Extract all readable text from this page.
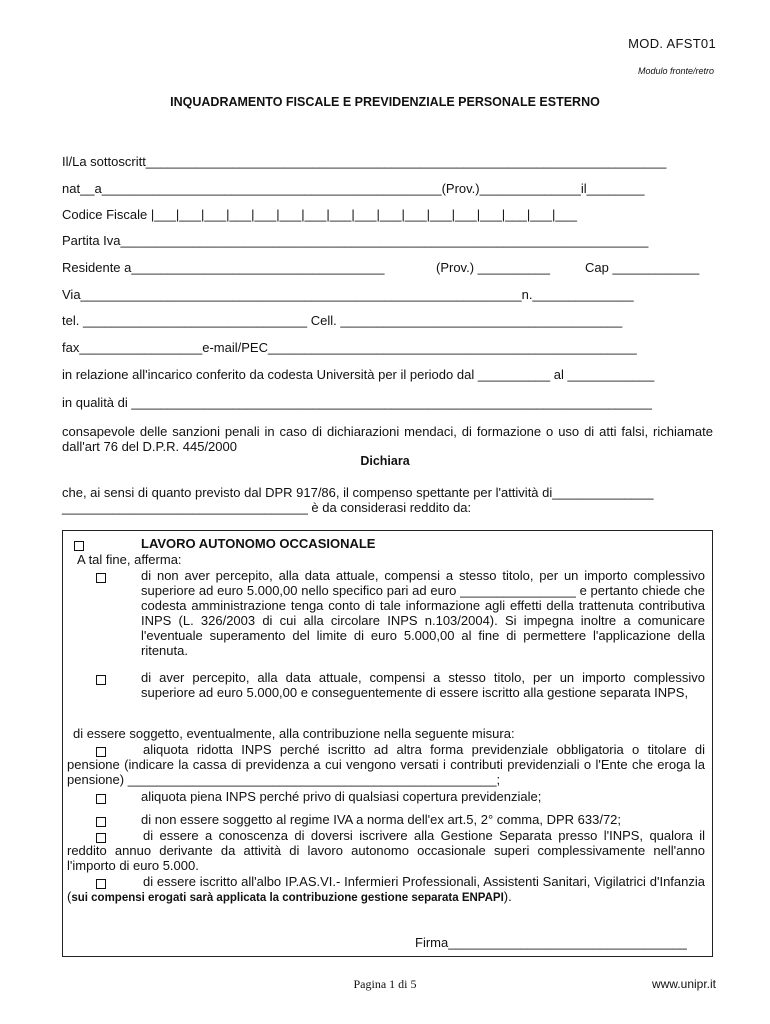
MOD. AFST01
Modulo fronte/retro
INQUADRAMENTO FISCALE E PREVIDENZIALE PERSONALE ESTERNO
Il/La sottoscritt________________________________________________________________________
nat__a_______________________________________________(Prov.)______________il________
Codice Fiscale |___|___|___|___|___|___|___|___|___|___|___|___|___|___|___|___|___
Partita Iva_________________________________________________________________________
Residente a___________________________________	(Prov.) __________	Cap ____________
Via_____________________________________________________________n.______________
tel. _______________________________ Cell. _______________________________________
fax_________________e-mail/PEC___________________________________________________
in relazione all'incarico conferito da codesta Università per il periodo dal __________ al ____________
in qualità di ________________________________________________________________________
consapevole delle sanzioni penali in caso di dichiarazioni mendaci, di formazione o uso di atti falsi, richiamate dall'art 76 del D.P.R. 445/2000
Dichiara
che, ai sensi di quanto previsto dal DPR 917/86, il compenso spettante per l'attività di______________
__________________________________ è da considerasi reddito da:
LAVORO AUTONOMO OCCASIONALE
A tal fine, afferma:
di non aver percepito, alla data attuale, compensi a stesso titolo, per un importo complessivo superiore ad euro 5.000,00 nello specifico pari ad euro ________________ e pertanto chiede che codesta amministrazione tenga conto di tale informazione agli effetti della trattenuta contributiva INPS (L. 326/2003 di cui alla circolare INPS n.103/2004). Si impegna inoltre a comunicare l'eventuale superamento del limite di euro 5.000,00 al fine di permettere l'applicazione della ritenuta.
di aver percepito, alla data attuale, compensi a stesso titolo, per un importo complessivo superiore ad euro 5.000,00 e conseguentemente di essere iscritto alla gestione separata INPS,
di essere soggetto, eventualmente, alla contribuzione nella seguente misura:
aliquota ridotta INPS perché iscritto ad altra forma previdenziale obbligatoria o titolare di pensione (indicare la cassa di previdenza a cui vengono versati i contributi previdenziali o l'Ente che eroga la pensione) ___________________________________________________;
aliquota piena INPS perché privo di qualsiasi copertura previdenziale;
di non essere soggetto al regime IVA a norma dell'ex art.5, 2° comma, DPR 633/72;
di essere a conoscenza di doversi iscrivere alla Gestione Separata presso l'INPS, qualora il reddito annuo derivante da attività di lavoro autonomo occasionale superi complessivamente nell'anno l'importo di euro 5.000.
di essere iscritto all'albo IP.AS.VI.- Infermieri Professionali, Assistenti Sanitari, Vigilatrici d'Infanzia (sui compensi erogati sarà applicata la contribuzione gestione separata ENPAPI).
Firma_________________________________
Pagina 1 di 5	www.unipr.it
